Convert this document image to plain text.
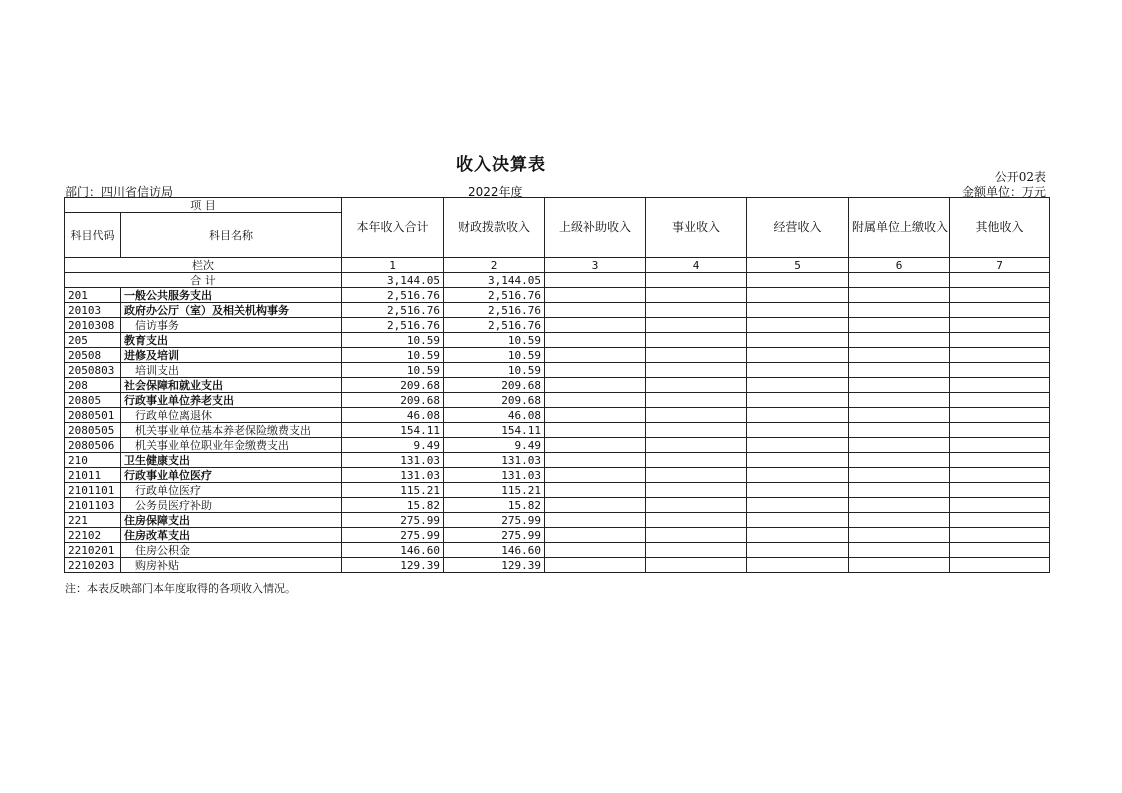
收入决算表
公开02表
部门：四川省信访局	2022年度	金额单位：万元
项 目		本年收入合计	财政拨款收入	上级补助收入	事业收入	经营收入	附属单位上缴收入	其他收入
科目代码	科目名称							

栏次		1	2	3	4	5	6	7
合 计		3,144.05	3,144.05					
201	一般公共服务支出	2,516.76	2,516.76					
20103	政府办公厅（室）及相关机构事务	2,516.76	2,516.76					
2010308	信访事务	2,516.76	2,516.76					
205	教育支出	10.59	10.59					
20508	进修及培训	10.59	10.59					
2050803	培训支出	10.59	10.59					
208	社会保障和就业支出	209.68	209.68					
20805	行政事业单位养老支出	209.68	209.68					
2080501	行政单位离退休	46.08	46.08					
2080505	机关事业单位基本养老保险缴费支出	154.11	154.11					
2080506	机关事业单位职业年金缴费支出	9.49	9.49					
210	卫生健康支出	131.03	131.03					
21011	行政事业单位医疗	131.03	131.03					
2101101	行政单位医疗	115.21	115.21					
2101103	公务员医疗补助	15.82	15.82					
221	住房保障支出	275.99	275.99					
22102	住房改革支出	275.99	275.99					
2210201	住房公积金	146.60	146.60					
2210203	购房补贴	129.39	129.39					
注：本表反映部门本年度取得的各项收入情况。
